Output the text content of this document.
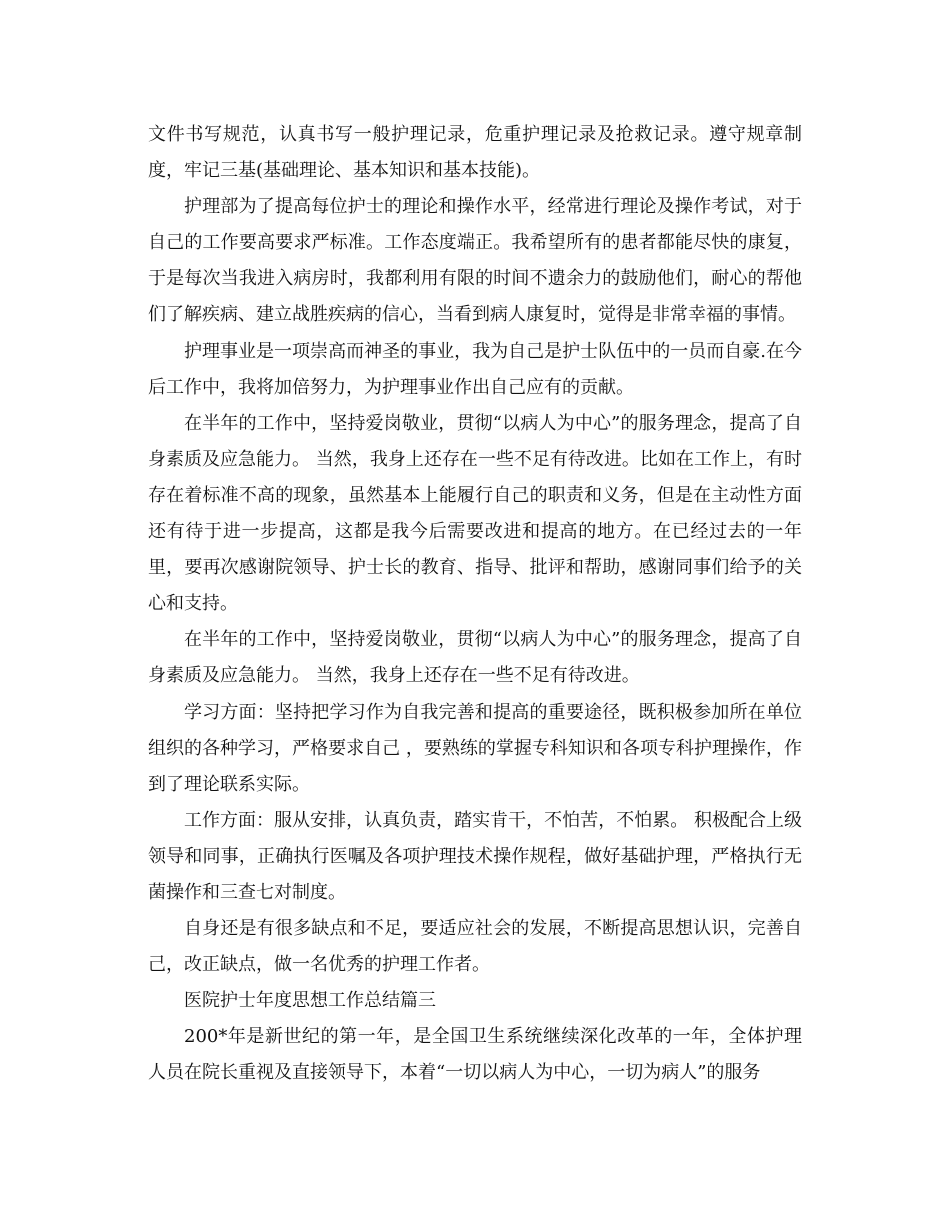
文件书写规范，认真书写一般护理记录，危重护理记录及抢救记录。遵守规章制度，牢记三基(基础理论、基本知识和基本技能)。

护理部为了提高每位护士的理论和操作水平，经常进行理论及操作考试，对于自己的工作要高要求严标准。工作态度端正。我希望所有的患者都能尽快的康复，于是每次当我进入病房时，我都利用有限的时间不遗余力的鼓励他们，耐心的帮他们了解疾病、建立战胜疾病的信心，当看到病人康复时，觉得是非常幸福的事情。

护理事业是一项崇高而神圣的事业，我为自己是护士队伍中的一员而自豪.在今后工作中，我将加倍努力，为护理事业作出自己应有的贡献。

在半年的工作中，坚持爱岗敬业，贯彻“以病人为中心”的服务理念，提高了自身素质及应急能力。 当然，我身上还存在一些不足有待改进。比如在工作上，有时存在着标准不高的现象，虽然基本上能履行自己的职责和义务，但是在主动性方面还有待于进一步提高，这都是我今后需要改进和提高的地方。在已经过去的一年里，要再次感谢院领导、护士长的教育、指导、批评和帮助，感谢同事们给予的关心和支持。

在半年的工作中，坚持爱岗敬业，贯彻“以病人为中心”的服务理念，提高了自身素质及应急能力。 当然，我身上还存在一些不足有待改进。

学习方面：坚持把学习作为自我完善和提高的重要途径，既积极参加所在单位组织的各种学习，严格要求自己 ，要熟练的掌握专科知识和各项专科护理操作，作到了理论联系实际。

工作方面：服从安排，认真负责，踏实肯干，不怕苦，不怕累。 积极配合上级领导和同事，正确执行医嘱及各项护理技术操作规程，做好基础护理，严格执行无菌操作和三查七对制度。

自身还是有很多缺点和不足，要适应社会的发展，不断提高思想认识，完善自己，改正缺点，做一名优秀的护理工作者。

医院护士年度思想工作总结篇三

200*年是新世纪的第一年，是全国卫生系统继续深化改革的一年，全体护理人员在院长重视及直接领导下，本着“一切以病人为中心，一切为病人”的服务
